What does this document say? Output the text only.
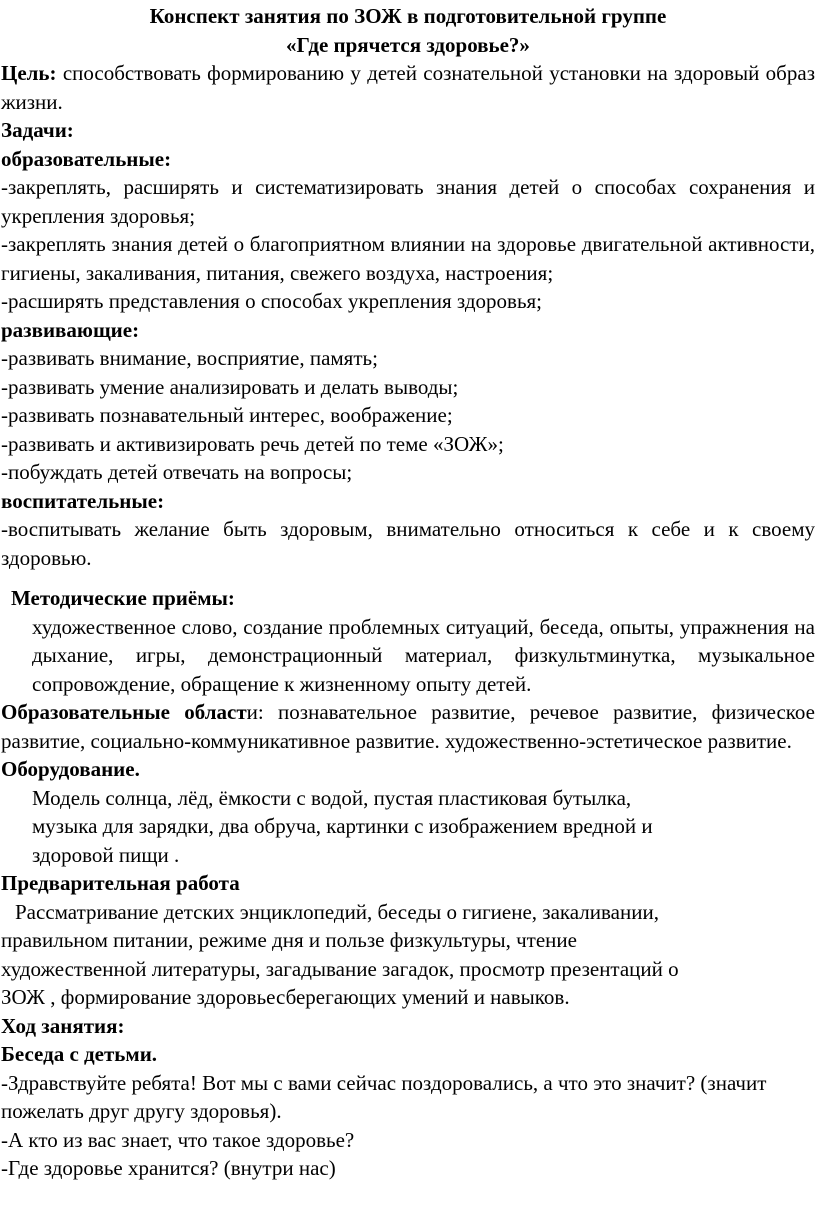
Конспект занятия по ЗОЖ в подготовительной группе

«Где прячется здоровье?»

Цель: способствовать формированию у детей сознательной установки на здоровый образ жизни.

Задачи:

образовательные:

-закреплять, расширять и систематизировать знания детей о способах сохранения и укрепления здоровья;

-закреплять знания детей о благоприятном влиянии на здоровье двигательной активности, гигиены, закаливания, питания, свежего воздуха, настроения;

-расширять представления о способах укрепления здоровья;

развивающие:

-развивать внимание, восприятие, память;

-развивать умение анализировать и делать выводы;

-развивать познавательный интерес, воображение;

-развивать и активизировать речь детей по теме «ЗОЖ»;

-побуждать детей отвечать на вопросы;

воспитательные:

-воспитывать желание быть здоровым, внимательно относиться к себе и к своему здоровью.

Методические приёмы:

художественное слово, создание проблемных ситуаций, беседа, опыты, упражнения на дыхание, игры, демонстрационный материал, физкультминутка, музыкальное сопровождение, обращение к жизненному опыту детей.

Образовательные области: познавательное развитие, речевое развитие, физическое развитие, социально-коммуникативное развитие. художественно-эстетическое развитие.

Оборудование.

Модель солнца, лёд, ёмкости с водой, пустая пластиковая бутылка,

музыка для зарядки, два обруча, картинки с изображением вредной и

здоровой пищи .

Предварительная работа

Рассматривание детских энциклопедий, беседы о гигиене, закаливании,

правильном питании, режиме дня и пользе физкультуры, чтение

художественной литературы, загадывание загадок, просмотр презентаций о

ЗОЖ , формирование здоровьесберегающих умений и навыков.

Ход занятия:

Беседа с детьми.

-Здравствуйте ребята! Вот мы с вами сейчас поздоровались, а что это значит? (значит пожелать друг другу здоровья).

-А кто из вас знает, что такое здоровье?

-Где здоровье хранится? (внутри нас)
